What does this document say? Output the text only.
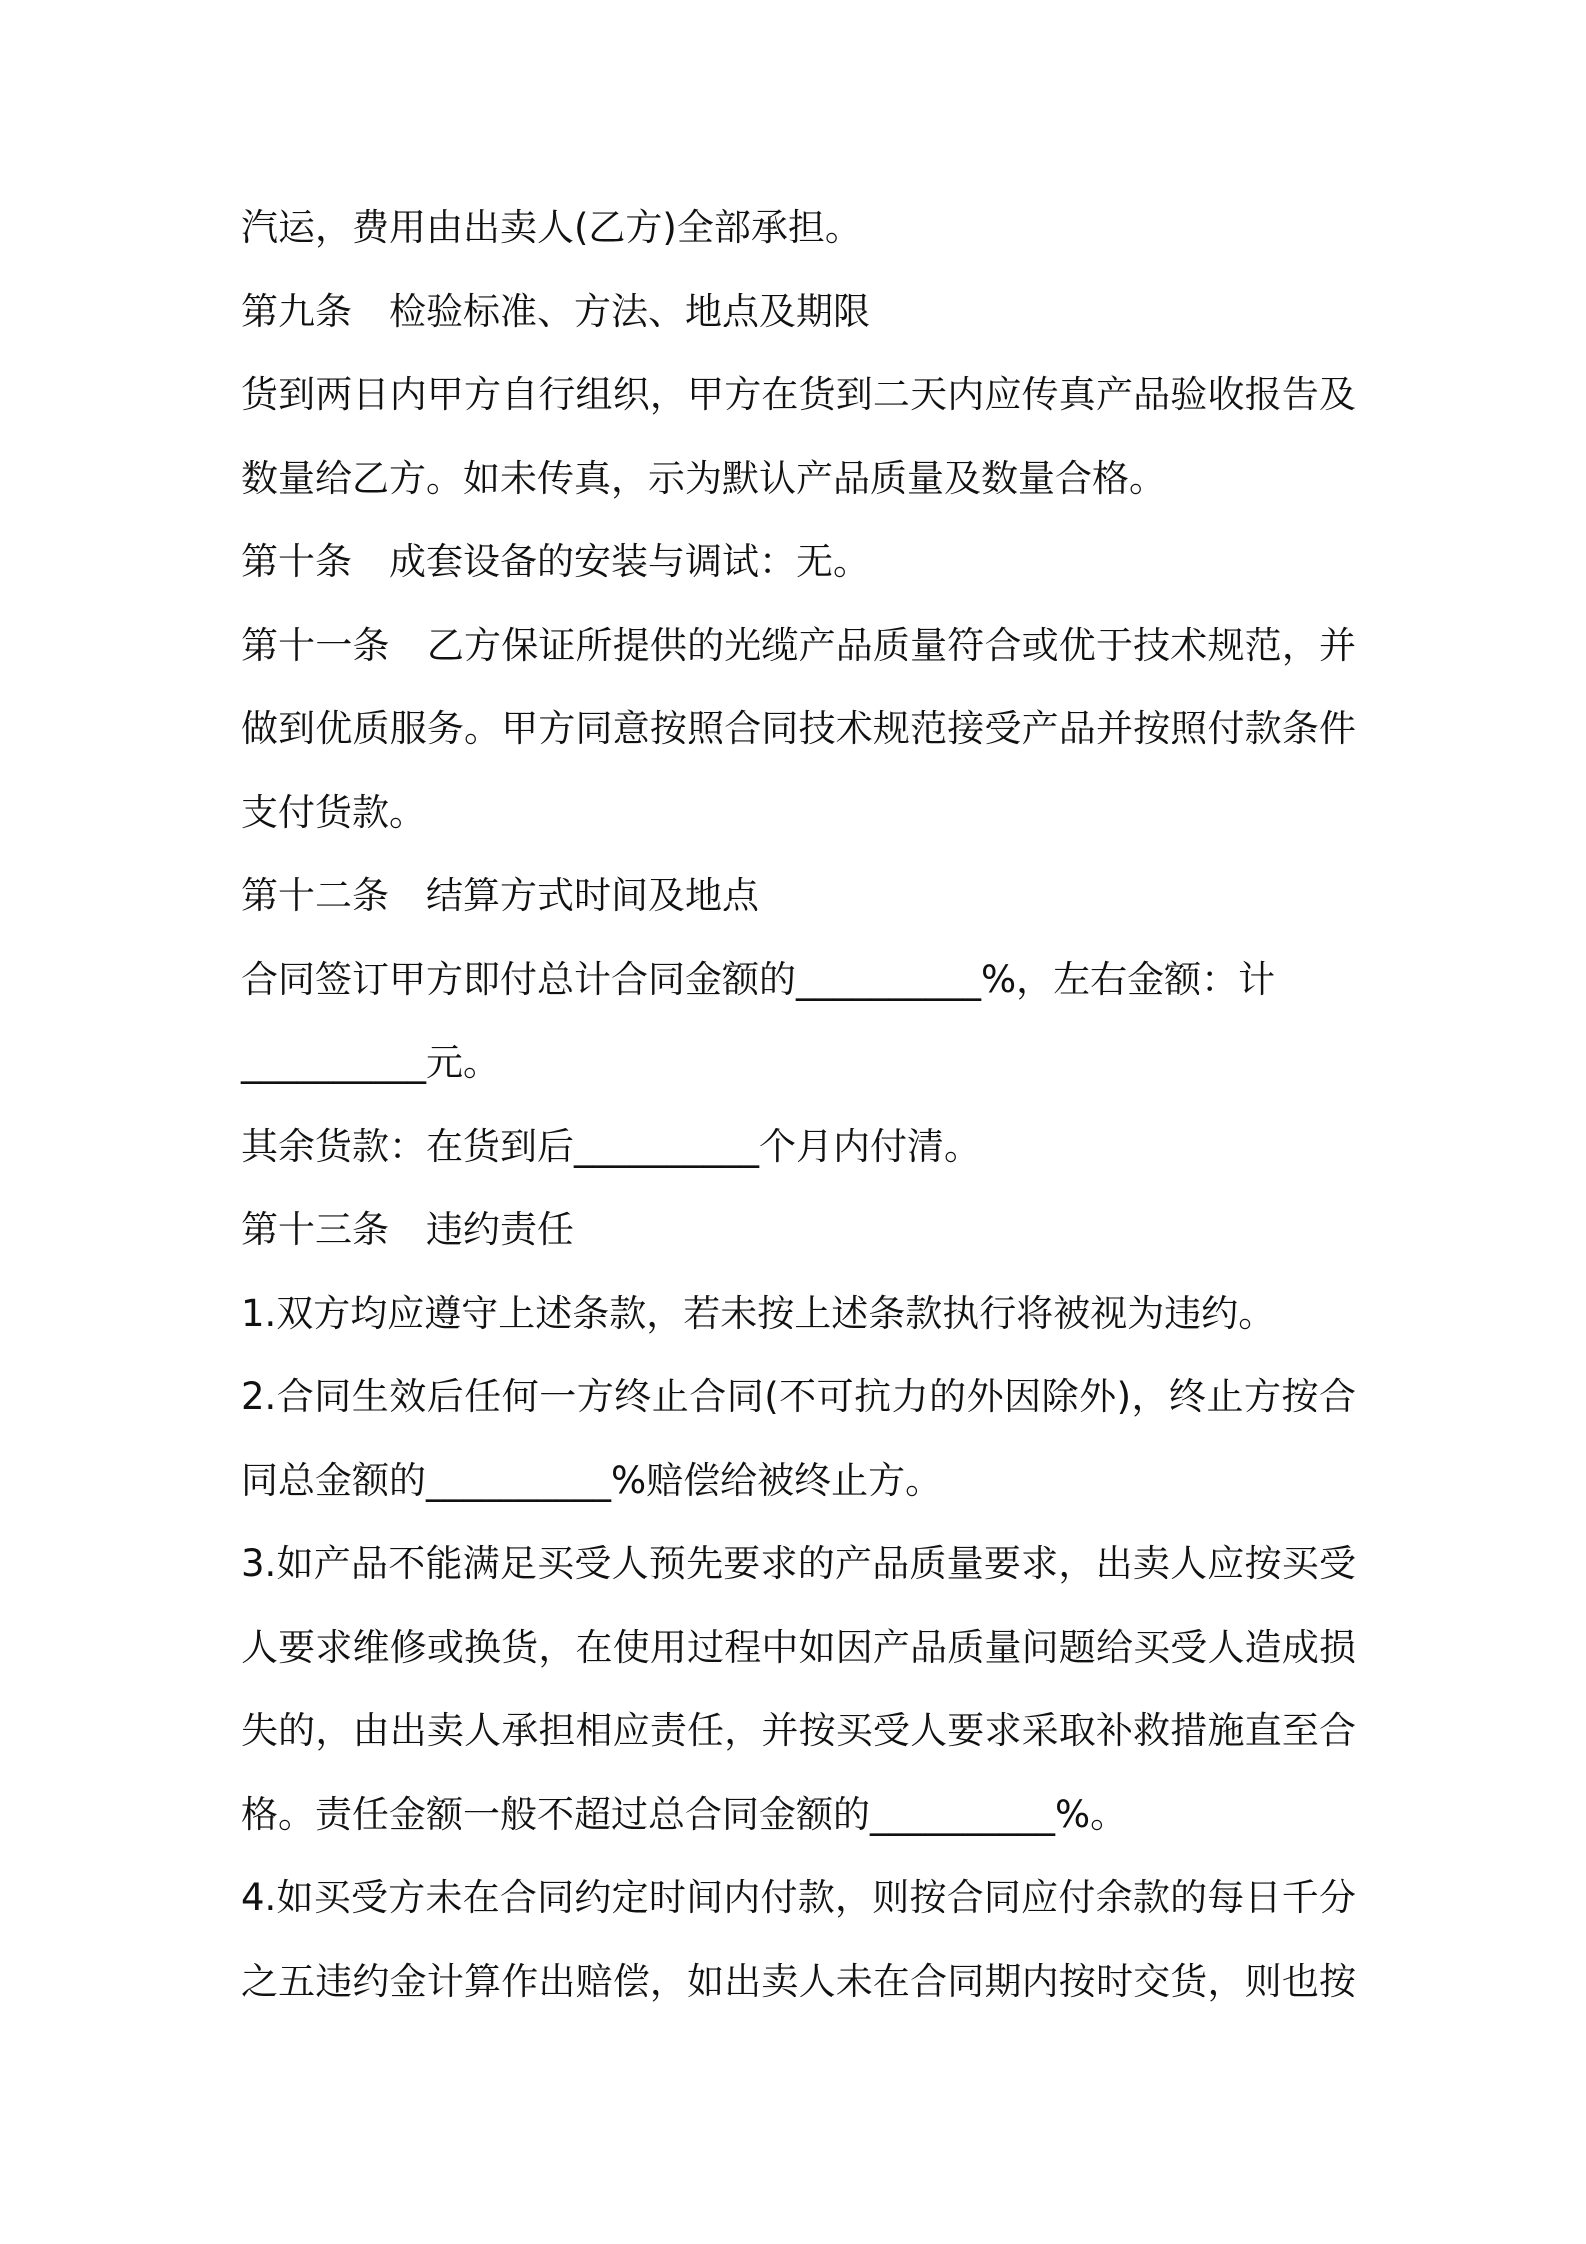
汽运，费用由出卖人(乙方)全部承担。
第九条　检验标准、方法、地点及期限
货到两日内甲方自行组织，甲方在货到二天内应传真产品验收报告及
数量给乙方。如未传真，示为默认产品质量及数量合格。
第十条　成套设备的安装与调试：无。
第十一条　乙方保证所提供的光缆产品质量符合或优于技术规范，并
做到优质服务。甲方同意按照合同技术规范接受产品并按照付款条件
支付货款。
第十二条　结算方式时间及地点
合同签订甲方即付总计合同金额的__________%，左右金额：计
__________元。
其余货款：在货到后__________个月内付清。
第十三条　违约责任
1.双方均应遵守上述条款，若未按上述条款执行将被视为违约。
2.合同生效后任何一方终止合同(不可抗力的外因除外)，终止方按合
同总金额的__________%赔偿给被终止方。
3.如产品不能满足买受人预先要求的产品质量要求，出卖人应按买受
人要求维修或换货，在使用过程中如因产品质量问题给买受人造成损
失的，由出卖人承担相应责任，并按买受人要求采取补救措施直至合
格。责任金额一般不超过总合同金额的__________%。
4.如买受方未在合同约定时间内付款，则按合同应付余款的每日千分
之五违约金计算作出赔偿，如出卖人未在合同期内按时交货，则也按
